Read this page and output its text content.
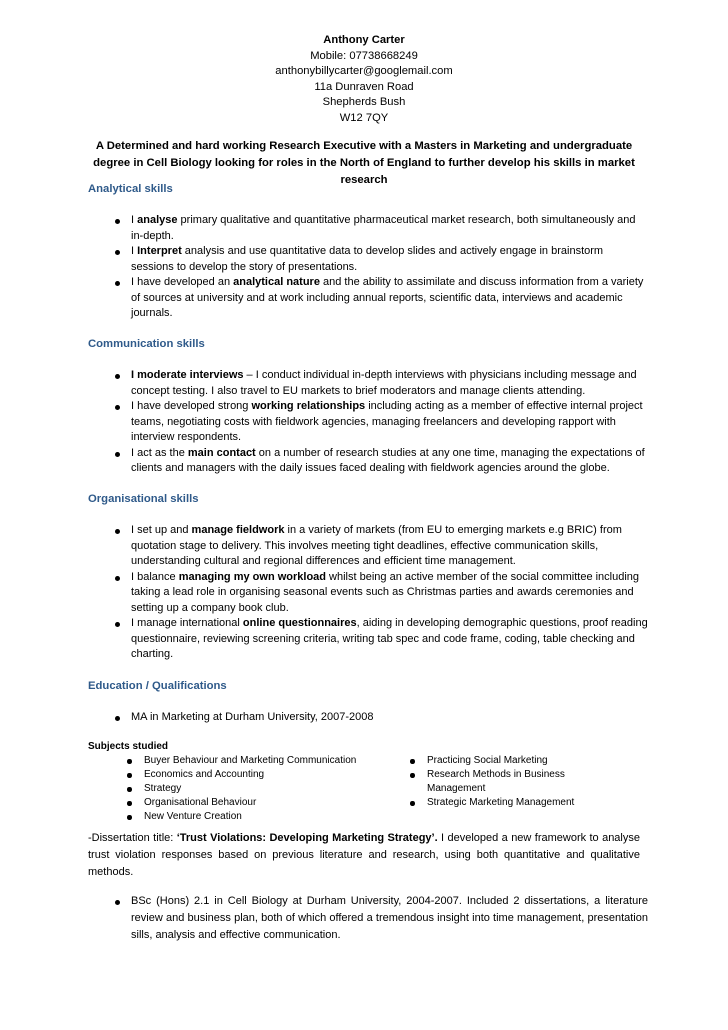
Anthony Carter
Mobile: 07738668249
anthonybillycarter@googlemail.com
11a Dunraven Road
Shepherds Bush
W12 7QY
A Determined and hard working Research Executive with a Masters in Marketing and undergraduate degree in Cell Biology looking for roles in the North of England to further develop his skills in market research

Analytical skills

I analyse primary qualitative and quantitative pharmaceutical market research, both simultaneously and in-depth.
I Interpret analysis and use quantitative data to develop slides and actively engage in brainstorm sessions to develop the story of presentations.
I have developed an analytical nature and the ability to assimilate and discuss information from a variety of sources at university and at work including annual reports, scientific data, interviews and academic journals.

Communication skills

I moderate interviews – I conduct individual in-depth interviews with physicians including message and concept testing. I also travel to EU markets to brief moderators and manage clients attending.
I have developed strong working relationships including acting as a member of effective internal project teams, negotiating costs with fieldwork agencies, managing freelancers and developing rapport with interview respondents.
I act as the main contact on a number of research studies at any one time, managing the expectations of clients and managers with the daily issues faced dealing with fieldwork agencies around the globe.

Organisational skills

I set up and manage fieldwork in a variety of markets (from EU to emerging markets e.g BRIC) from quotation stage to delivery. This involves meeting tight deadlines, effective communication skills, understanding cultural and regional differences and efficient time management.
I balance managing my own workload whilst being an active member of the social committee including taking a lead role in organising seasonal events such as Christmas parties and awards ceremonies and setting up a company book club.
I manage international online questionnaires, aiding in developing demographic questions, proof reading questionnaire, reviewing screening criteria, writing tab spec and code frame, coding, table checking and charting.

Education / Qualifications

MA in Marketing at Durham University, 2007-2008
Subjects studied
Buyer Behaviour and Marketing Communication
Economics and Accounting
Strategy
Organisational Behaviour
New Venture Creation
Practicing Social Marketing
Research Methods in Business Management
Strategic Marketing Management
-Dissertation title: ‘Trust Violations: Developing Marketing Strategy’. I developed a new framework to analyse trust violation responses based on previous literature and research, using both quantitative and qualitative methods.
BSc (Hons) 2.1 in Cell Biology at Durham University, 2004-2007. Included 2 dissertations, a literature review and business plan, both of which offered a tremendous insight into time management, presentation sills, analysis and effective communication.
